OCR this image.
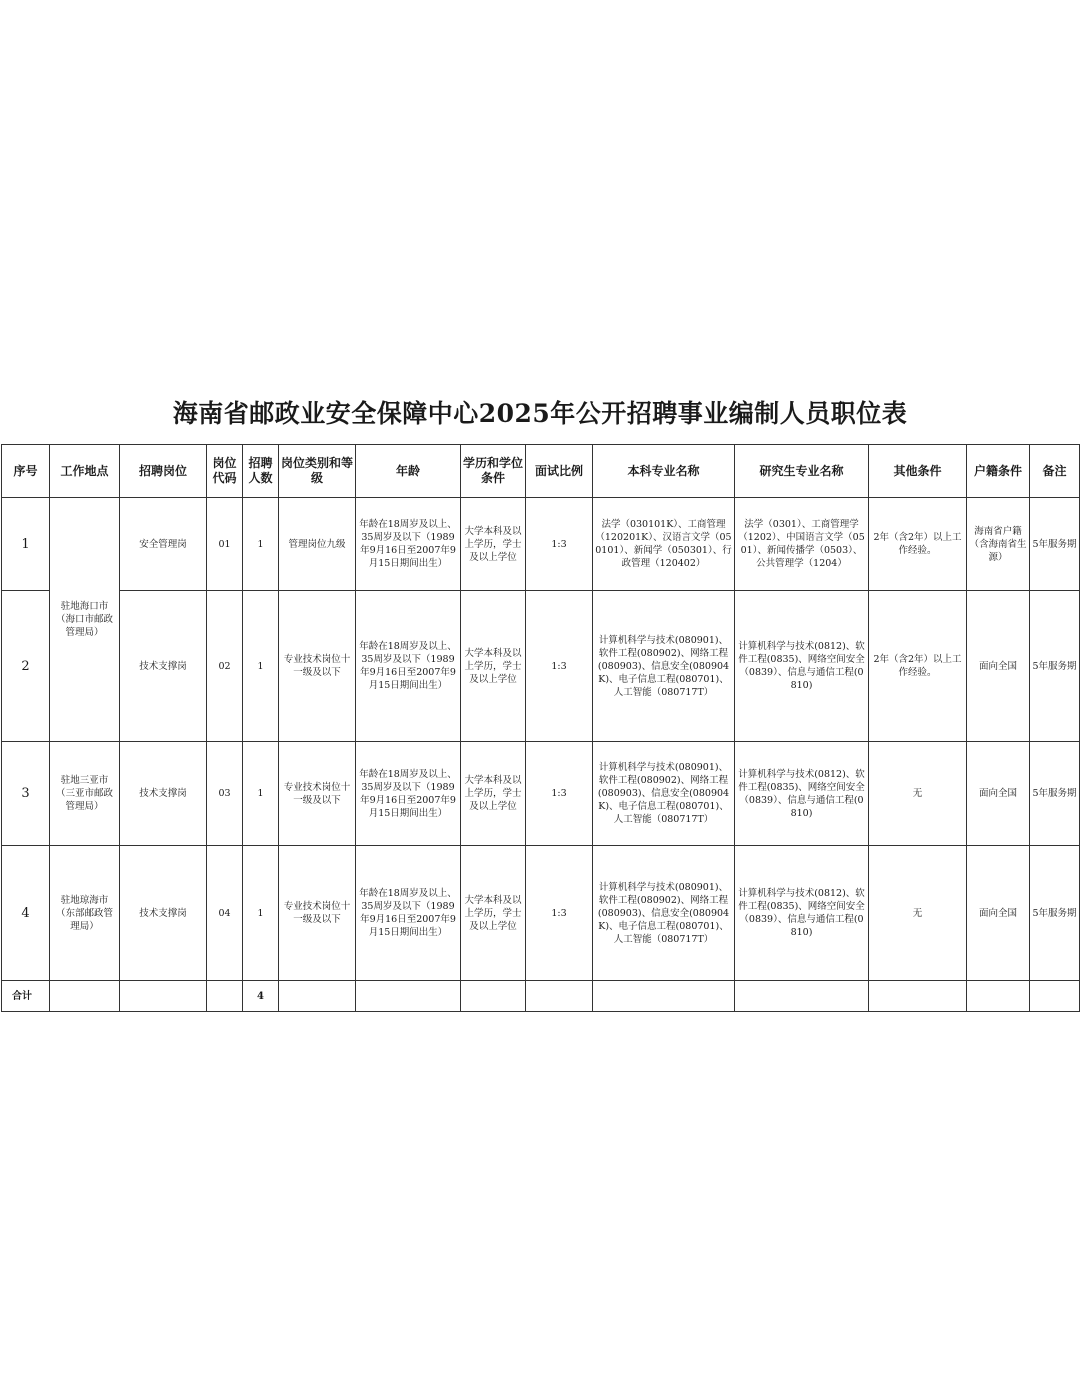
海南省邮政业安全保障中心2025年公开招聘事业编制人员职位表
序号	工作地点	招聘岗位	岗位代码	招聘人数	岗位类别和等级	年龄	学历和学位条件	面试比例	本科专业名称	研究生专业名称	其他条件	户籍条件	备注
1	驻地海口市（海口市邮政管理局）	安全管理岗	01	1	管理岗位九级	年龄在18周岁及以上、35周岁及以下（1989年9月16日至2007年9月15日期间出生）	大学本科及以上学历，学士及以上学位	1:3	法学（030101K）、工商管理（120201K）、汉语言文学（050101）、新闻学（050301）、行政管理（120402）	法学（0301）、工商管理学（1202）、中国语言文学（0501）、新闻传播学（0503）、公共管理学（1204）	2年（含2年）以上工作经验。	海南省户籍（含海南省生源）	5年服务期
2		技术支撑岗	02	1	专业技术岗位十一级及以下	年龄在18周岁及以上、35周岁及以下（1989年9月16日至2007年9月15日期间出生）	大学本科及以上学历，学士及以上学位	1:3	计算机科学与技术(080901)、软件工程(080902)、网络工程(080903)、信息安全(080904K)、电子信息工程(080701)、人工智能（080717T）	计算机科学与技术(0812)、软件工程(0835)、网络空间安全（0839）、信息与通信工程(0810)	2年（含2年）以上工作经验。	面向全国	5年服务期
3	驻地三亚市（三亚市邮政管理局）	技术支撑岗	03	1	专业技术岗位十一级及以下	年龄在18周岁及以上、35周岁及以下（1989年9月16日至2007年9月15日期间出生）	大学本科及以上学历，学士及以上学位	1:3	计算机科学与技术(080901)、软件工程(080902)、网络工程(080903)、信息安全(080904K)、电子信息工程(080701)、人工智能（080717T）	计算机科学与技术(0812)、软件工程(0835)、网络空间安全（0839）、信息与通信工程(0810)	无	面向全国	5年服务期
4	驻地琼海市（东部邮政管理局）	技术支撑岗	04	1	专业技术岗位十一级及以下	年龄在18周岁及以上、35周岁及以下（1989年9月16日至2007年9月15日期间出生）	大学本科及以上学历，学士及以上学位	1:3	计算机科学与技术(080901)、软件工程(080902)、网络工程(080903)、信息安全(080904K)、电子信息工程(080701)、人工智能（080717T）	计算机科学与技术(0812)、软件工程(0835)、网络空间安全（0839）、信息与通信工程(0810)	无	面向全国	5年服务期
合计				4									
